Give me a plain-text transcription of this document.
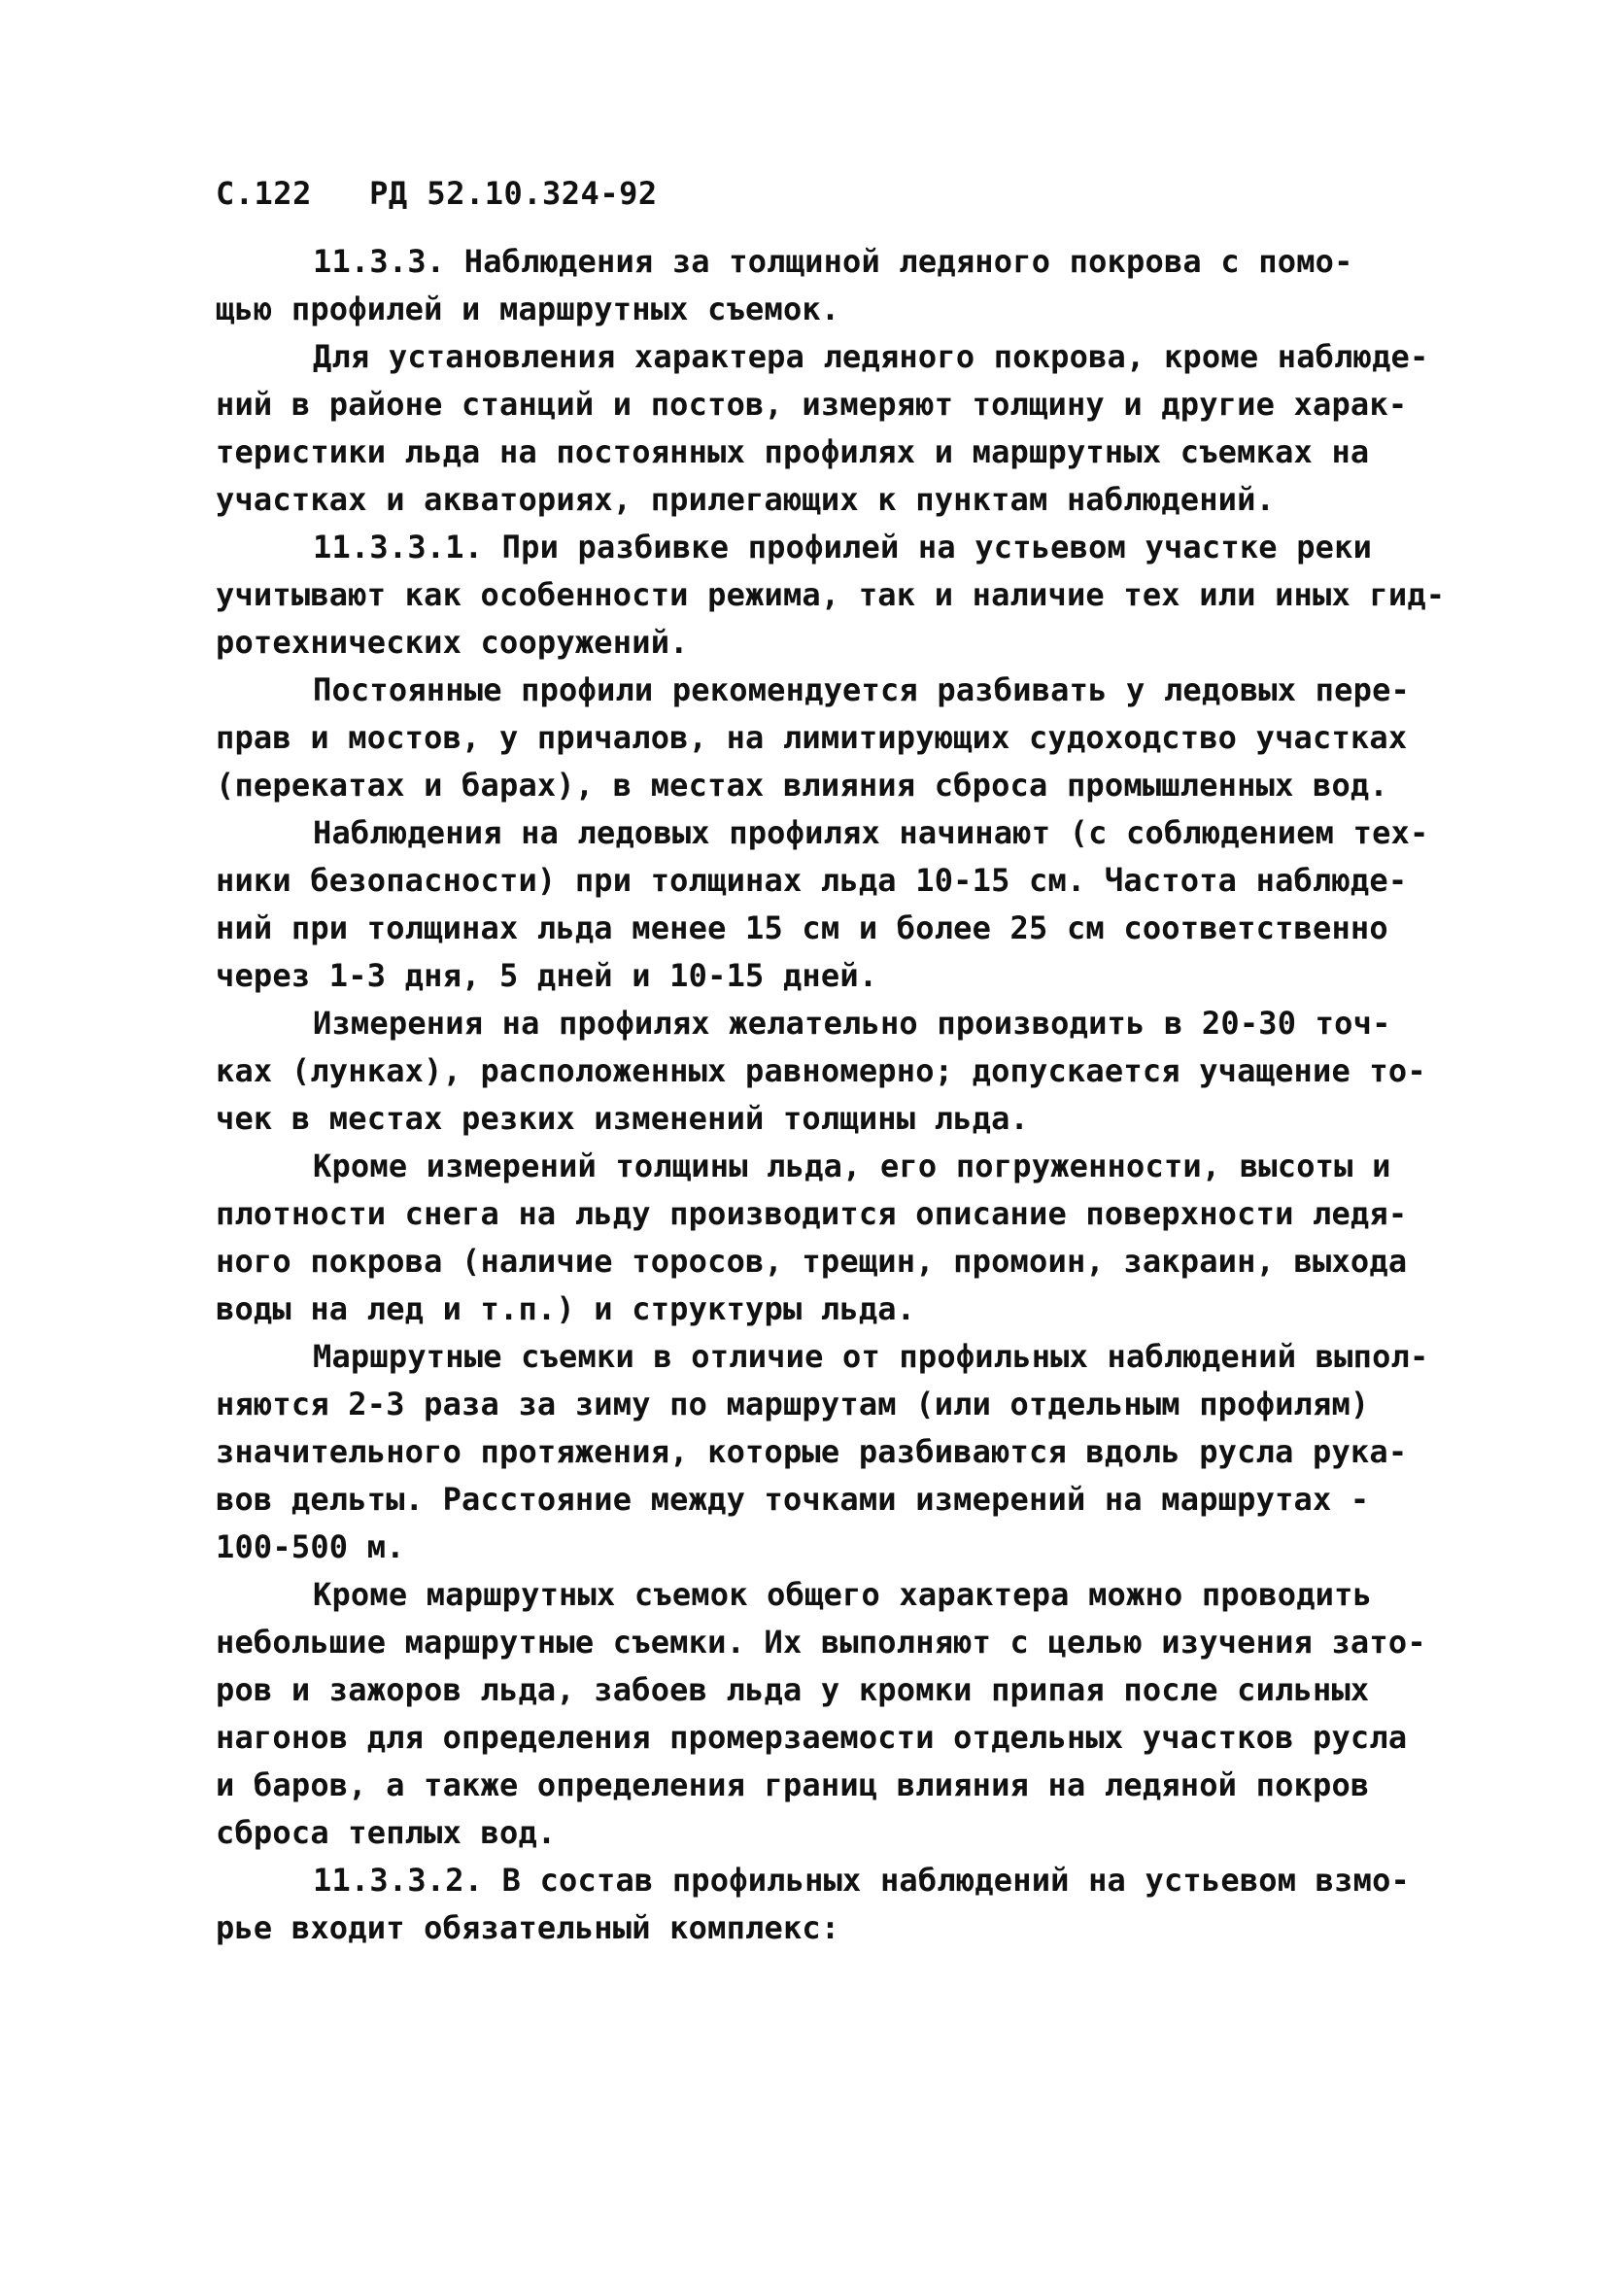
С.122 РД 52.10.324-92
11.3.3. Наблюдения за толщиной ледяного покрова с помо-
щью профилей и маршрутных съемок.
Для установления характера ледяного покрова, кроме наблюде-
ний в районе станций и постов, измеряют толщину и другие харак-
теристики льда на постоянных профилях и маршрутных съемках на
участках и акваториях, прилегающих к пунктам наблюдений.
11.3.3.1. При разбивке профилей на устьевом участке реки
учитывают как особенности режима, так и наличие тех или иных гид-
ротехнических сооружений.
Постоянные профили рекомендуется разбивать у ледовых пере-
прав и мостов, у причалов, на лимитирующих судоходство участках
(перекатах и барах), в местах влияния сброса промышленных вод.
Наблюдения на ледовых профилях начинают (с соблюдением тех-
ники безопасности) при толщинах льда 10-15 см. Частота наблюде-
ний при толщинах льда менее 15 см и более 25 см соответственно
через 1-3 дня, 5 дней и 10-15 дней.
Измерения на профилях желательно производить в 20-30 точ-
ках (лунках), расположенных равномерно; допускается учащение то-
чек в местах резких изменений толщины льда.
Кроме измерений толщины льда, его погруженности, высоты и
плотности снега на льду производится описание поверхности ледя-
ного покрова (наличие торосов, трещин, промоин, закраин, выхода
воды на лед и т.п.) и структуры льда.
Маршрутные съемки в отличие от профильных наблюдений выпол-
няются 2-3 раза за зиму по маршрутам (или отдельным профилям)
значительного протяжения, которые разбиваются вдоль русла рука-
вов дельты. Расстояние между точками измерений на маршрутах -
100-500 м.
Кроме маршрутных съемок общего характера можно проводить
небольшие маршрутные съемки. Их выполняют с целью изучения зато-
ров и зажоров льда, забоев льда у кромки припая после сильных
нагонов для определения промерзаемости отдельных участков русла
и баров, а также определения границ влияния на ледяной покров
сброса теплых вод.
11.3.3.2. В состав профильных наблюдений на устьевом взмо-
рье входит обязательный комплекс:
